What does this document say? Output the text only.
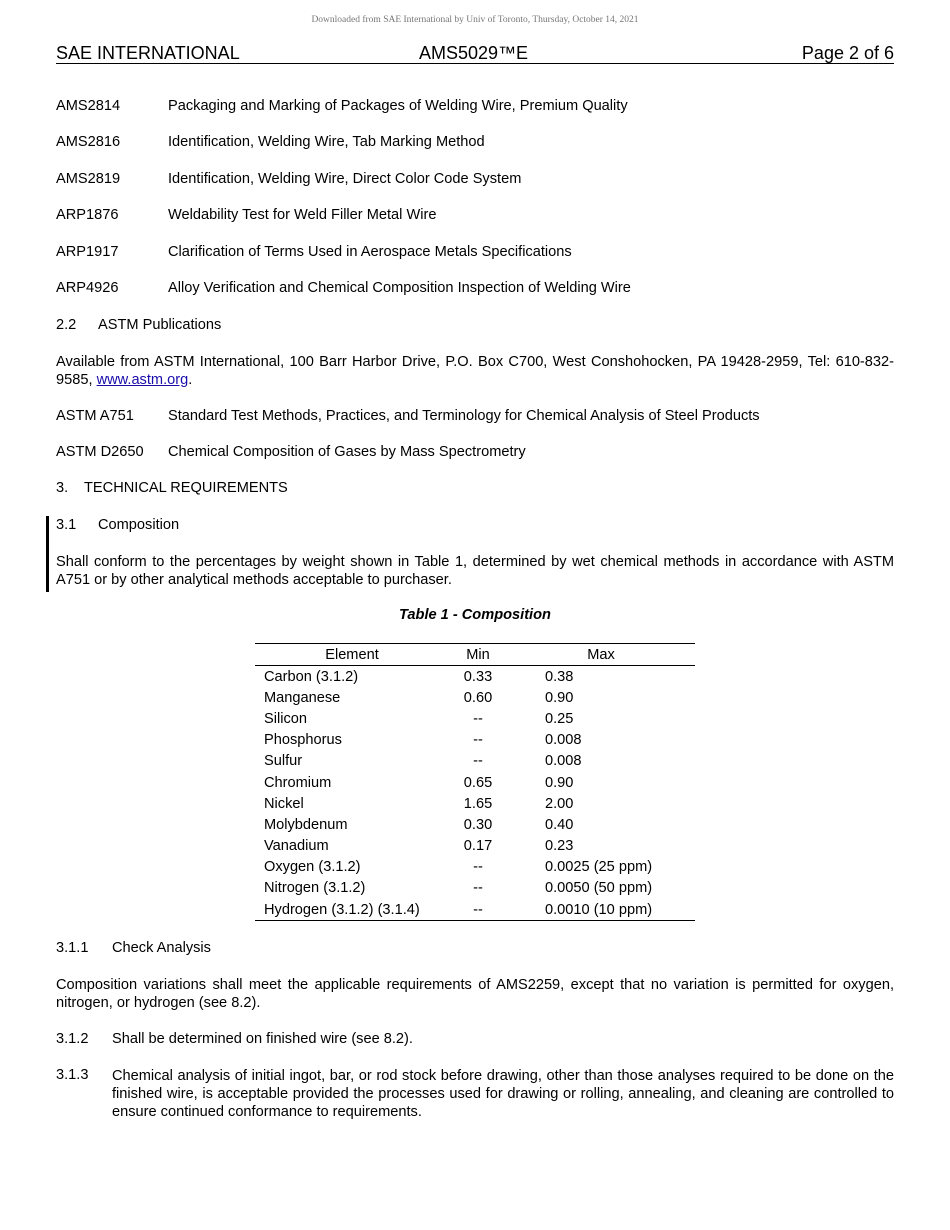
Downloaded from SAE International by Univ of Toronto, Thursday, October 14, 2021
SAE INTERNATIONAL	AMS5029™E	Page 2 of 6
AMS2814	Packaging and Marking of Packages of Welding Wire, Premium Quality
AMS2816	Identification, Welding Wire, Tab Marking Method
AMS2819	Identification, Welding Wire, Direct Color Code System
ARP1876	Weldability Test for Weld Filler Metal Wire
ARP1917	Clarification of Terms Used in Aerospace Metals Specifications
ARP4926	Alloy Verification and Chemical Composition Inspection of Welding Wire
2.2 ASTM Publications
Available from ASTM International, 100 Barr Harbor Drive, P.O. Box C700, West Conshohocken, PA 19428-2959, Tel: 610-832-9585, www.astm.org.
ASTM A751 Standard Test Methods, Practices, and Terminology for Chemical Analysis of Steel Products
ASTM D2650 Chemical Composition of Gases by Mass Spectrometry
3. TECHNICAL REQUIREMENTS
3.1 Composition
Shall conform to the percentages by weight shown in Table 1, determined by wet chemical methods in accordance with ASTM A751 or by other analytical methods acceptable to purchaser.
Table 1 - Composition
Element	Min	Max
Carbon (3.1.2)	0.33	0.38
Manganese	0.60	0.90
Silicon	--	0.25
Phosphorus	--	0.008
Sulfur	--	0.008
Chromium	0.65	0.90
Nickel	1.65	2.00
Molybdenum	0.30	0.40
Vanadium	0.17	0.23
Oxygen (3.1.2)	--	0.0025 (25 ppm)
Nitrogen (3.1.2)	--	0.0050 (50 ppm)
Hydrogen (3.1.2) (3.1.4)	--	0.0010 (10 ppm)
3.1.1 Check Analysis
Composition variations shall meet the applicable requirements of AMS2259, except that no variation is permitted for oxygen, nitrogen, or hydrogen (see 8.2).
3.1.2 Shall be determined on finished wire (see 8.2).
3.1.3 Chemical analysis of initial ingot, bar, or rod stock before drawing, other than those analyses required to be done on the finished wire, is acceptable provided the processes used for drawing or rolling, annealing, and cleaning are controlled to ensure continued conformance to requirements.
